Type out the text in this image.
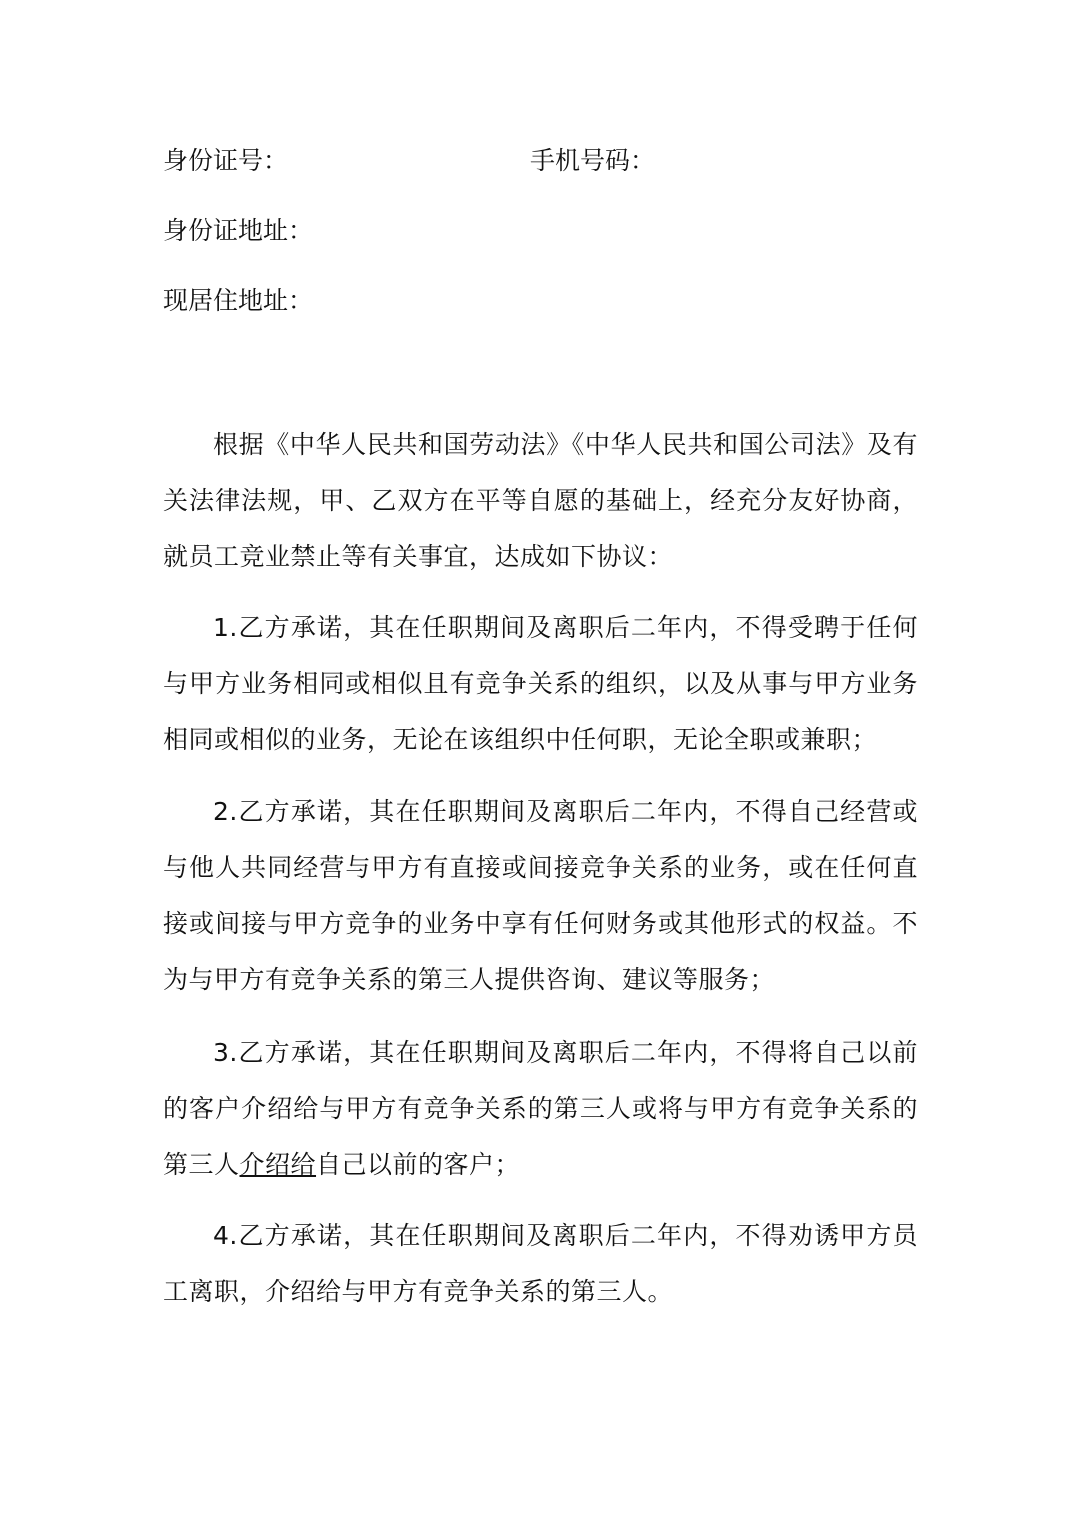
身份证号：	手机号码：
身份证地址：
现居住地址：

根据《中华人民共和国劳动法》《中华人民共和国公司法》及有关法律法规，甲、乙双方在平等自愿的基础上，经充分友好协商，就员工竞业禁止等有关事宜，达成如下协议：

1.乙方承诺，其在任职期间及离职后二年内，不得受聘于任何与甲方业务相同或相似且有竞争关系的组织，以及从事与甲方业务相同或相似的业务，无论在该组织中任何职，无论全职或兼职；

2.乙方承诺，其在任职期间及离职后二年内，不得自己经营或与他人共同经营与甲方有直接或间接竞争关系的业务，或在任何直接或间接与甲方竞争的业务中享有任何财务或其他形式的权益。不为与甲方有竞争关系的第三人提供咨询、建议等服务；

3.乙方承诺，其在任职期间及离职后二年内，不得将自己以前的客户介绍给与甲方有竞争关系的第三人或将与甲方有竞争关系的第三人介绍给自己以前的客户；

4.乙方承诺，其在任职期间及离职后二年内，不得劝诱甲方员工离职，介绍给与甲方有竞争关系的第三人。
